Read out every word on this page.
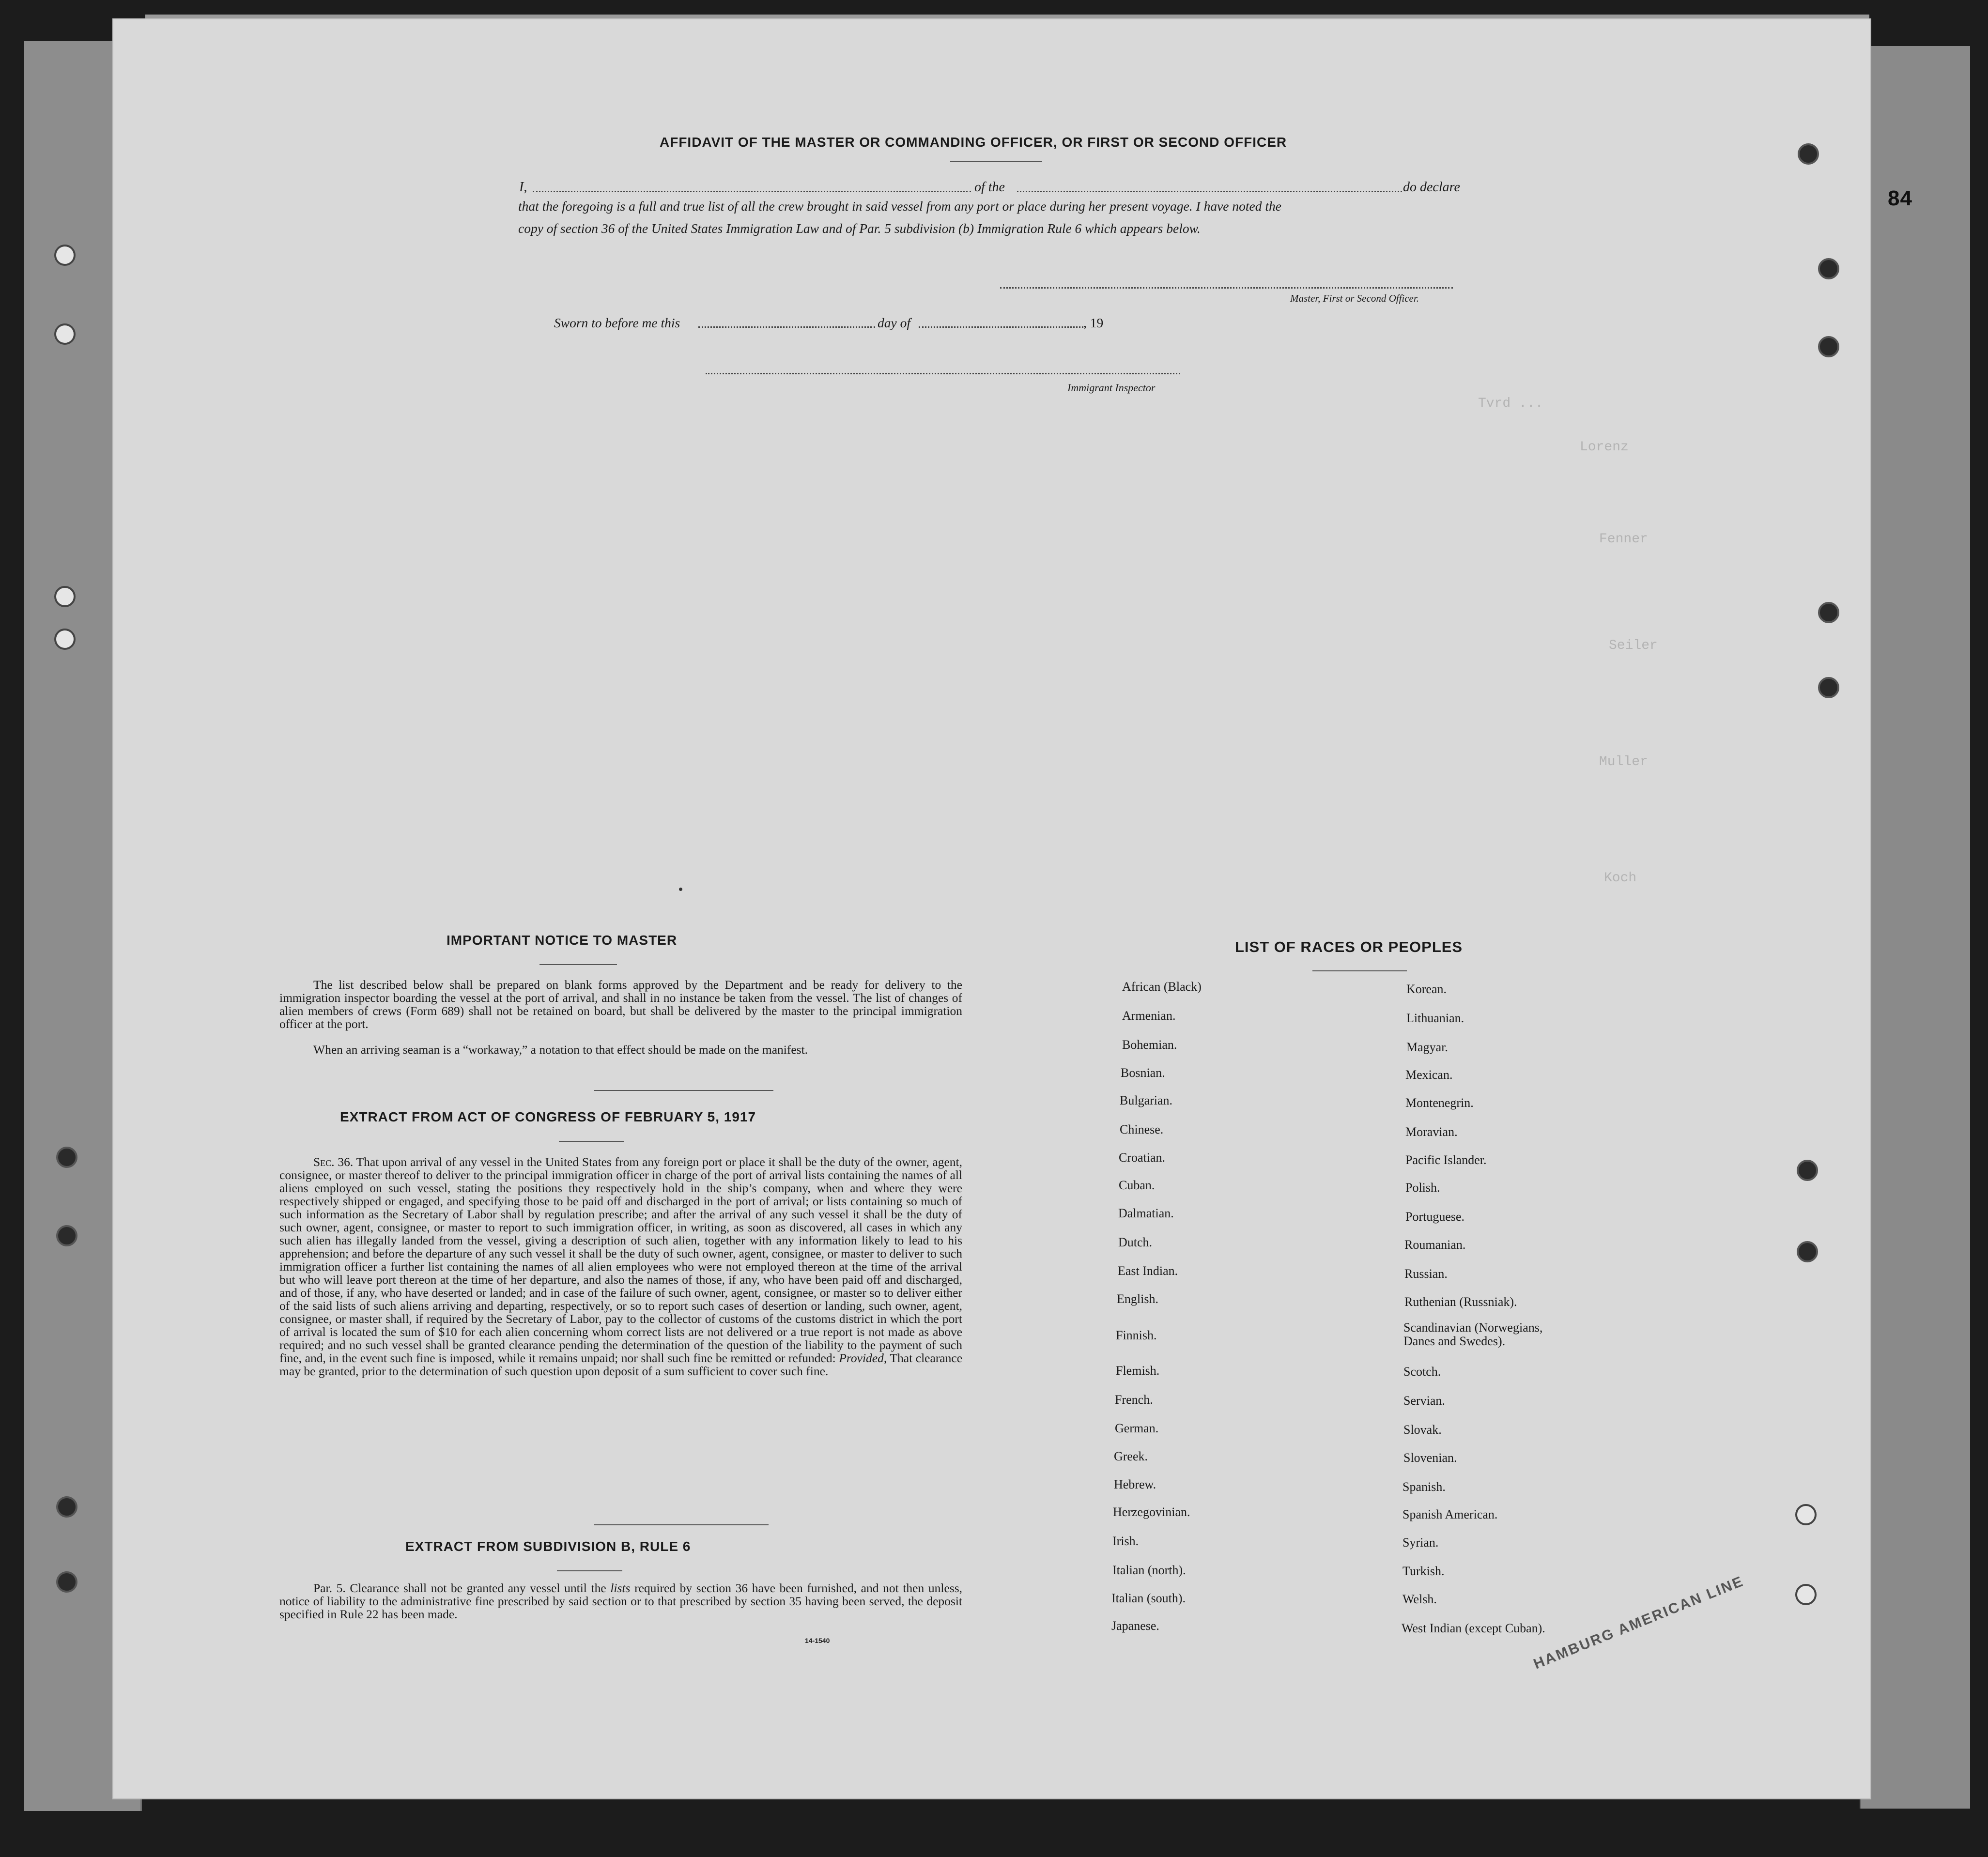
84
Tvrd ...
Lorenz
Fenner
Seiler
Muller
Koch
AFFIDAVIT OF THE MASTER OR COMMANDING OFFICER, OR FIRST OR SECOND OFFICER
I,	of the	do declare
that the foregoing is a full and true list of all the crew brought in said vessel from any port or place during her present voyage. I have noted the
copy of section 36 of the United States Immigration Law and of Par. 5 subdivision (b) Immigration Rule 6 which appears below.
Master, First or Second Officer.
Sworn to before me this	day of	, 19
Immigrant Inspector
IMPORTANT NOTICE TO MASTER
The list described below shall be prepared on blank forms approved by the Department and be ready for delivery to the immigration inspector boarding the vessel at the port of arrival, and shall in no instance be taken from the vessel. The list of changes of alien members of crews (Form 689) shall not be retained on board, but shall be delivered by the master to the principal immigration officer at the port.
When an arriving seaman is a “workaway,” a notation to that effect should be made on the manifest.
EXTRACT FROM ACT OF CONGRESS OF FEBRUARY 5, 1917
Sec. 36. That upon arrival of any vessel in the United States from any foreign port or place it shall be the duty of the owner, agent, consignee, or master thereof to deliver to the principal immigration officer in charge of the port of arrival lists containing the names of all aliens employed on such vessel, stating the positions they respectively hold in the ship’s company, when and where they were respectively shipped or engaged, and specifying those to be paid off and discharged in the port of arrival; or lists containing so much of such information as the Secretary of Labor shall by regulation prescribe; and after the arrival of any such vessel it shall be the duty of such owner, agent, consignee, or master to report to such immigration officer, in writing, as soon as discovered, all cases in which any such alien has illegally landed from the vessel, giving a description of such alien, together with any information likely to lead to his apprehension; and before the departure of any such vessel it shall be the duty of such owner, agent, consignee, or master to deliver to such immigration officer a further list containing the names of all alien employees who were not employed thereon at the time of the arrival but who will leave port thereon at the time of her departure, and also the names of those, if any, who have been paid off and discharged, and of those, if any, who have deserted or landed; and in case of the failure of such owner, agent, consignee, or master so to deliver either of the said lists of such aliens arriving and departing, respectively, or so to report such cases of desertion or landing, such owner, agent, consignee, or master shall, if required by the Secretary of Labor, pay to the collector of customs of the customs district in which the port of arrival is located the sum of $10 for each alien concerning whom correct lists are not delivered or a true report is not made as above required; and no such vessel shall be granted clearance pending the determination of the question of the liability to the payment of such fine, and, in the event such fine is imposed, while it remains unpaid; nor shall such fine be remitted or refunded: Provided, That clearance may be granted, prior to the determination of such question upon deposit of a sum sufficient to cover such fine.
EXTRACT FROM SUBDIVISION B, RULE 6
Par. 5. Clearance shall not be granted any vessel until the lists required by section 36 have been furnished, and not then unless, notice of liability to the administrative fine prescribed by said section or to that prescribed by section 35 having been served, the deposit specified in Rule 22 has been made.
14-1540
LIST OF RACES OR PEOPLES
African (Black)
Armenian.
Bohemian.
Bosnian.
Bulgarian.
Chinese.
Croatian.
Cuban.
Dalmatian.
Dutch.
East Indian.
English.
Finnish.
Flemish.
French.
German.
Greek.
Hebrew.
Herzegovinian.
Irish.
Italian (north).
Italian (south).
Japanese.
Korean.
Lithuanian.
Magyar.
Mexican.
Montenegrin.
Moravian.
Pacific Islander.
Polish.
Portuguese.
Roumanian.
Russian.
Ruthenian (Russniak).
Scandinavian (Norwegians, Danes and Swedes).
Scotch.
Servian.
Slovak.
Slovenian.
Spanish.
Spanish American.
Syrian.
Turkish.
Welsh.
West Indian (except Cuban).
HAMBURG AMERICAN LINE
